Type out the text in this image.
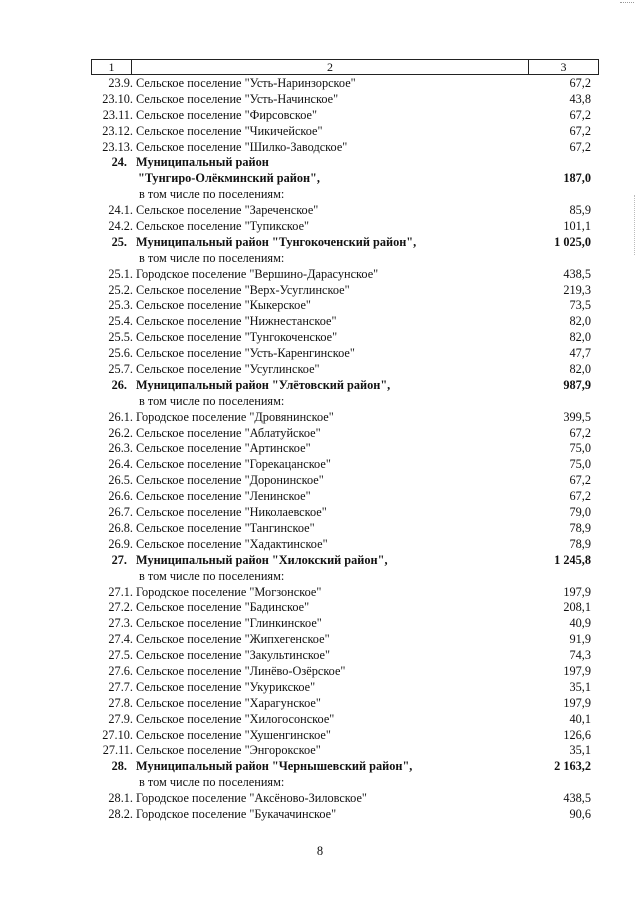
1	2	3
23.9. Сельское поселение "Усть-Наринзорское"	67,2
23.10. Сельское поселение "Усть-Начинское"	43,8
23.11. Сельское поселение "Фирсовское"	67,2
23.12. Сельское поселение "Чикичейское"	67,2
23.13. Сельское поселение "Шилко-Заводское"	67,2
24. Муниципальный район
"Тунгиро-Олёкминский район",	187,0
в том числе по поселениям:
24.1. Сельское поселение "Зареченское"	85,9
24.2. Сельское поселение "Тупикское"	101,1
25. Муниципальный район "Тунгокоченский район",	1 025,0
в том числе по поселениям:
25.1. Городское поселение "Вершино-Дарасунское"	438,5
25.2. Сельское поселение "Верх-Усуглинское"	219,3
25.3. Сельское поселение "Кыкерское"	73,5
25.4. Сельское поселение "Нижнестанское"	82,0
25.5. Сельское поселение "Тунгокоченское"	82,0
25.6. Сельское поселение "Усть-Каренгинское"	47,7
25.7. Сельское поселение "Усуглинское"	82,0
26. Муниципальный район "Улётовский район",	987,9
в том числе по поселениям:
26.1. Городское поселение "Дровянинское"	399,5
26.2. Сельское поселение "Аблатуйское"	67,2
26.3. Сельское поселение "Артинское"	75,0
26.4. Сельское поселение "Горекацанское"	75,0
26.5. Сельское поселение "Доронинское"	67,2
26.6. Сельское поселение "Ленинское"	67,2
26.7. Сельское поселение "Николаевское"	79,0
26.8. Сельское поселение "Тангинское"	78,9
26.9. Сельское поселение "Хадактинское"	78,9
27. Муниципальный район "Хилокский район",	1 245,8
в том числе по поселениям:
27.1. Городское поселение "Могзонское"	197,9
27.2. Сельское поселение "Бадинское"	208,1
27.3. Сельское поселение "Глинкинское"	40,9
27.4. Сельское поселение "Жипхегенское"	91,9
27.5. Сельское поселение "Закультинское"	74,3
27.6. Сельское поселение "Линёво-Озёрское"	197,9
27.7. Сельское поселение "Укурикское"	35,1
27.8. Сельское поселение "Харагунское"	197,9
27.9. Сельское поселение "Хилогосонское"	40,1
27.10. Сельское поселение "Хушенгинское"	126,6
27.11. Сельское поселение "Энгорокское"	35,1
28. Муниципальный район "Чернышевский район",	2 163,2
в том числе по поселениям:
28.1. Городское поселение "Аксёново-Зиловское"	438,5
28.2. Городское поселение "Букачачинское"	90,6
8
